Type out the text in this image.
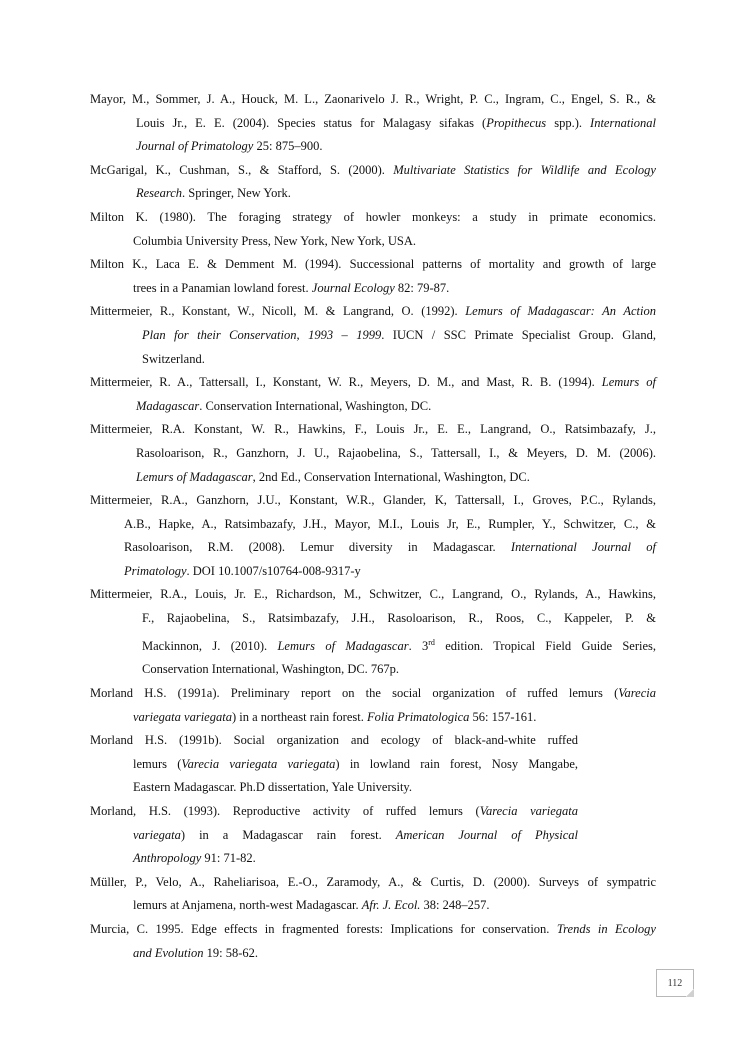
Mayor, M., Sommer, J. A., Houck, M. L., Zaonarivelo J. R., Wright, P. C., Ingram, C., Engel, S. R., &
Louis Jr., E. E. (2004). Species status for Malagasy sifakas (Propithecus spp.). International
Journal of Primatology 25: 875–900.

McGarigal, K., Cushman, S., & Stafford, S. (2000). Multivariate Statistics for Wildlife and Ecology
Research. Springer, New York.

Milton K. (1980). The foraging strategy of howler monkeys: a study in primate economics.
Columbia University Press, New York, New York, USA.

Milton K., Laca E. & Demment M. (1994). Successional patterns of mortality and growth of large
trees in a Panamian lowland forest. Journal Ecology 82: 79-87.

Mittermeier, R., Konstant, W., Nicoll, M. & Langrand, O. (1992). Lemurs of Madagascar: An Action
Plan for their Conservation, 1993 – 1999. IUCN / SSC Primate Specialist Group. Gland,
Switzerland.

Mittermeier, R. A., Tattersall, I., Konstant, W. R., Meyers, D. M., and Mast, R. B. (1994). Lemurs of
Madagascar. Conservation International, Washington, DC.

Mittermeier, R.A. Konstant, W. R., Hawkins, F., Louis Jr., E. E., Langrand, O., Ratsimbazafy, J.,
Rasoloarison, R., Ganzhorn, J. U., Rajaobelina, S., Tattersall, I., & Meyers, D. M. (2006).
Lemurs of Madagascar, 2nd Ed., Conservation International, Washington, DC.

Mittermeier, R.A., Ganzhorn, J.U., Konstant, W.R., Glander, K, Tattersall, I., Groves, P.C., Rylands,
A.B., Hapke, A., Ratsimbazafy, J.H., Mayor, M.I., Louis Jr, E., Rumpler, Y., Schwitzer, C., &
Rasoloarison, R.M. (2008). Lemur diversity in Madagascar. International Journal of
Primatology. DOI 10.1007/s10764-008-9317-y

Mittermeier, R.A., Louis, Jr. E., Richardson, M., Schwitzer, C., Langrand, O., Rylands, A., Hawkins,
F., Rajaobelina, S., Ratsimbazafy, J.H., Rasoloarison, R., Roos, C., Kappeler, P. &
Mackinnon, J. (2010). Lemurs of Madagascar. 3rd edition. Tropical Field Guide Series,
Conservation International, Washington, DC. 767p.

Morland H.S. (1991a). Preliminary report on the social organization of ruffed lemurs (Varecia
variegata variegata) in a northeast rain forest. Folia Primatologica 56: 157-161.

Morland H.S. (1991b). Social organization and ecology of black-and-white ruffed
lemurs (Varecia variegata variegata) in lowland rain forest, Nosy Mangabe,
Eastern Madagascar. Ph.D dissertation, Yale University.

Morland, H.S. (1993). Reproductive activity of ruffed lemurs (Varecia variegata
variegata) in a Madagascar rain forest. American Journal of Physical
Anthropology 91: 71-82.

Müller, P., Velo, A., Raheliarisoa, E.-O., Zaramody, A., & Curtis, D. (2000). Surveys of sympatric
lemurs at Anjamena, north-west Madagascar. Afr. J. Ecol. 38: 248–257.

Murcia, C. 1995. Edge effects in fragmented forests: Implications for conservation. Trends in Ecology
and Evolution 19: 58-62.

112
